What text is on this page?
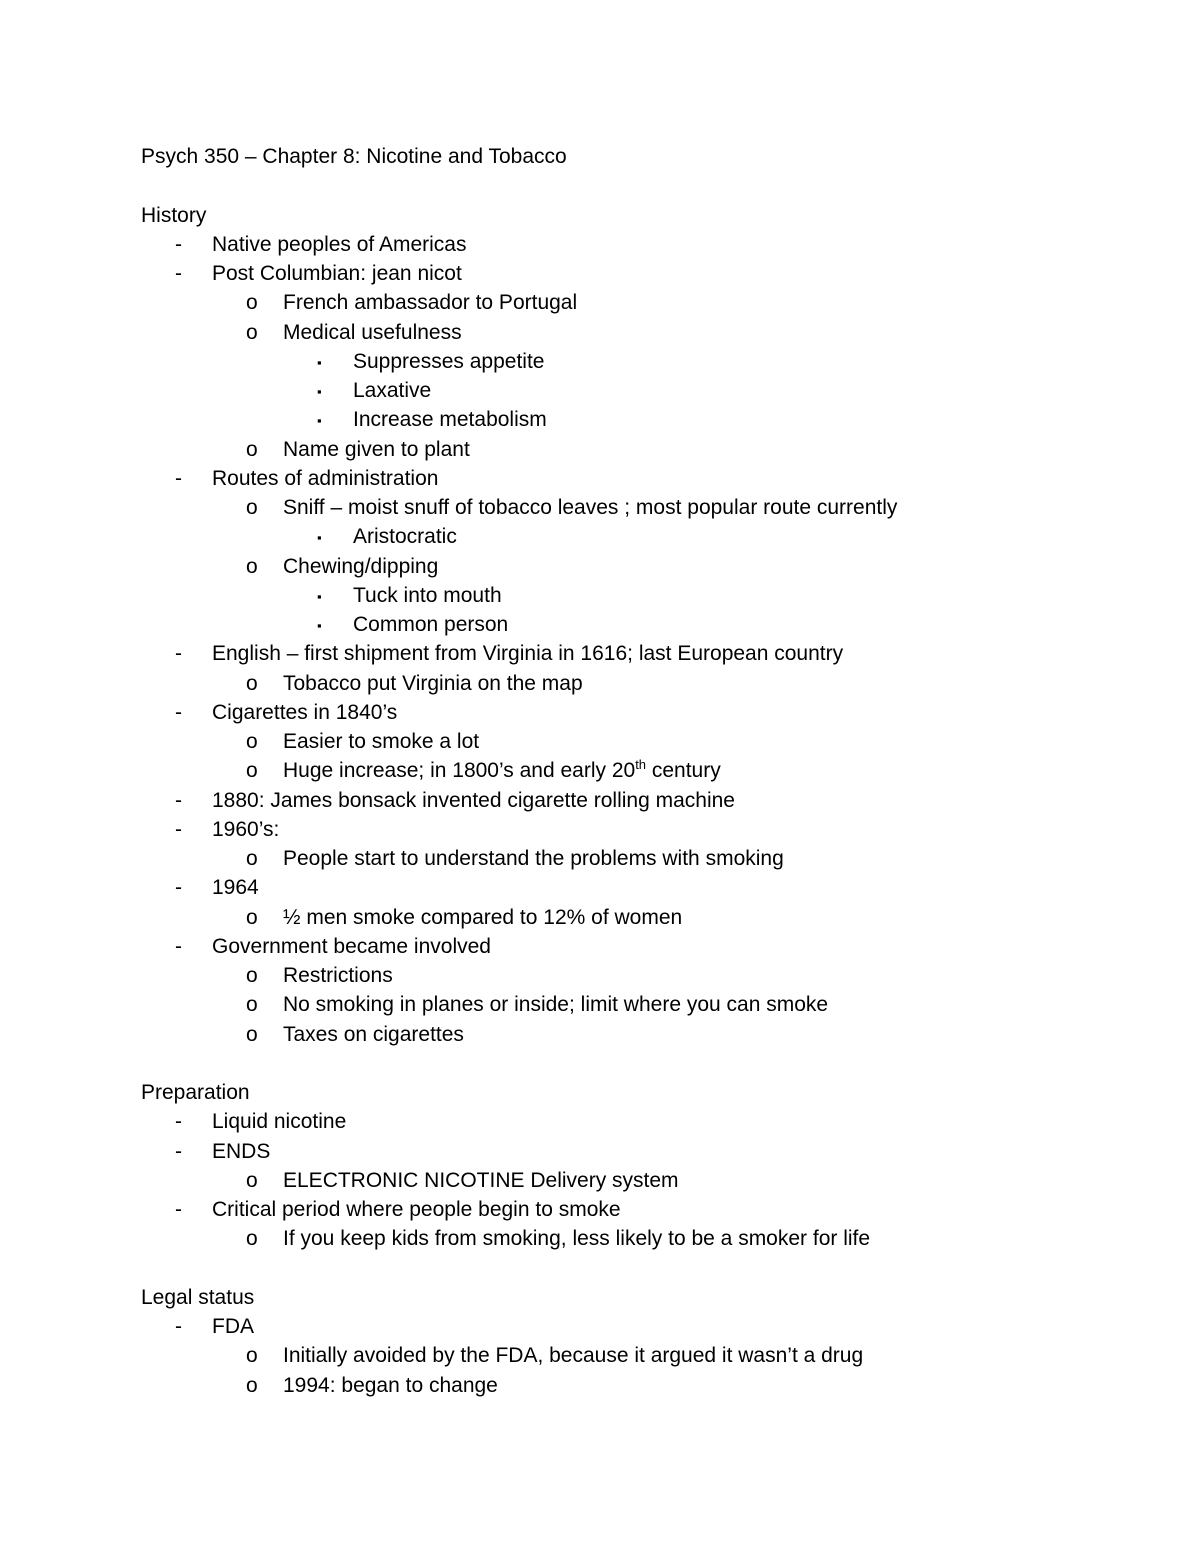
Psych 350 – Chapter 8: Nicotine and Tobacco
History
- Native peoples of Americas
- Post Columbian: jean nicot
o French ambassador to Portugal
o Medical usefulness
▪ Suppresses appetite
▪ Laxative
▪ Increase metabolism
o Name given to plant
- Routes of administration
o Sniff – moist snuff of tobacco leaves ; most popular route currently
▪ Aristocratic
o Chewing/dipping
▪ Tuck into mouth
▪ Common person
- English – first shipment from Virginia in 1616; last European country
o Tobacco put Virginia on the map
- Cigarettes in 1840’s
o Easier to smoke a lot
o Huge increase; in 1800’s and early 20th century
- 1880: James bonsack invented cigarette rolling machine
- 1960’s:
o People start to understand the problems with smoking
- 1964
o ½ men smoke compared to 12% of women
- Government became involved
o Restrictions
o No smoking in planes or inside; limit where you can smoke
o Taxes on cigarettes
Preparation
- Liquid nicotine
- ENDS
o ELECTRONIC NICOTINE Delivery system
- Critical period where people begin to smoke
o If you keep kids from smoking, less likely to be a smoker for life
Legal status
- FDA
o Initially avoided by the FDA, because it argued it wasn’t a drug
o 1994: began to change
